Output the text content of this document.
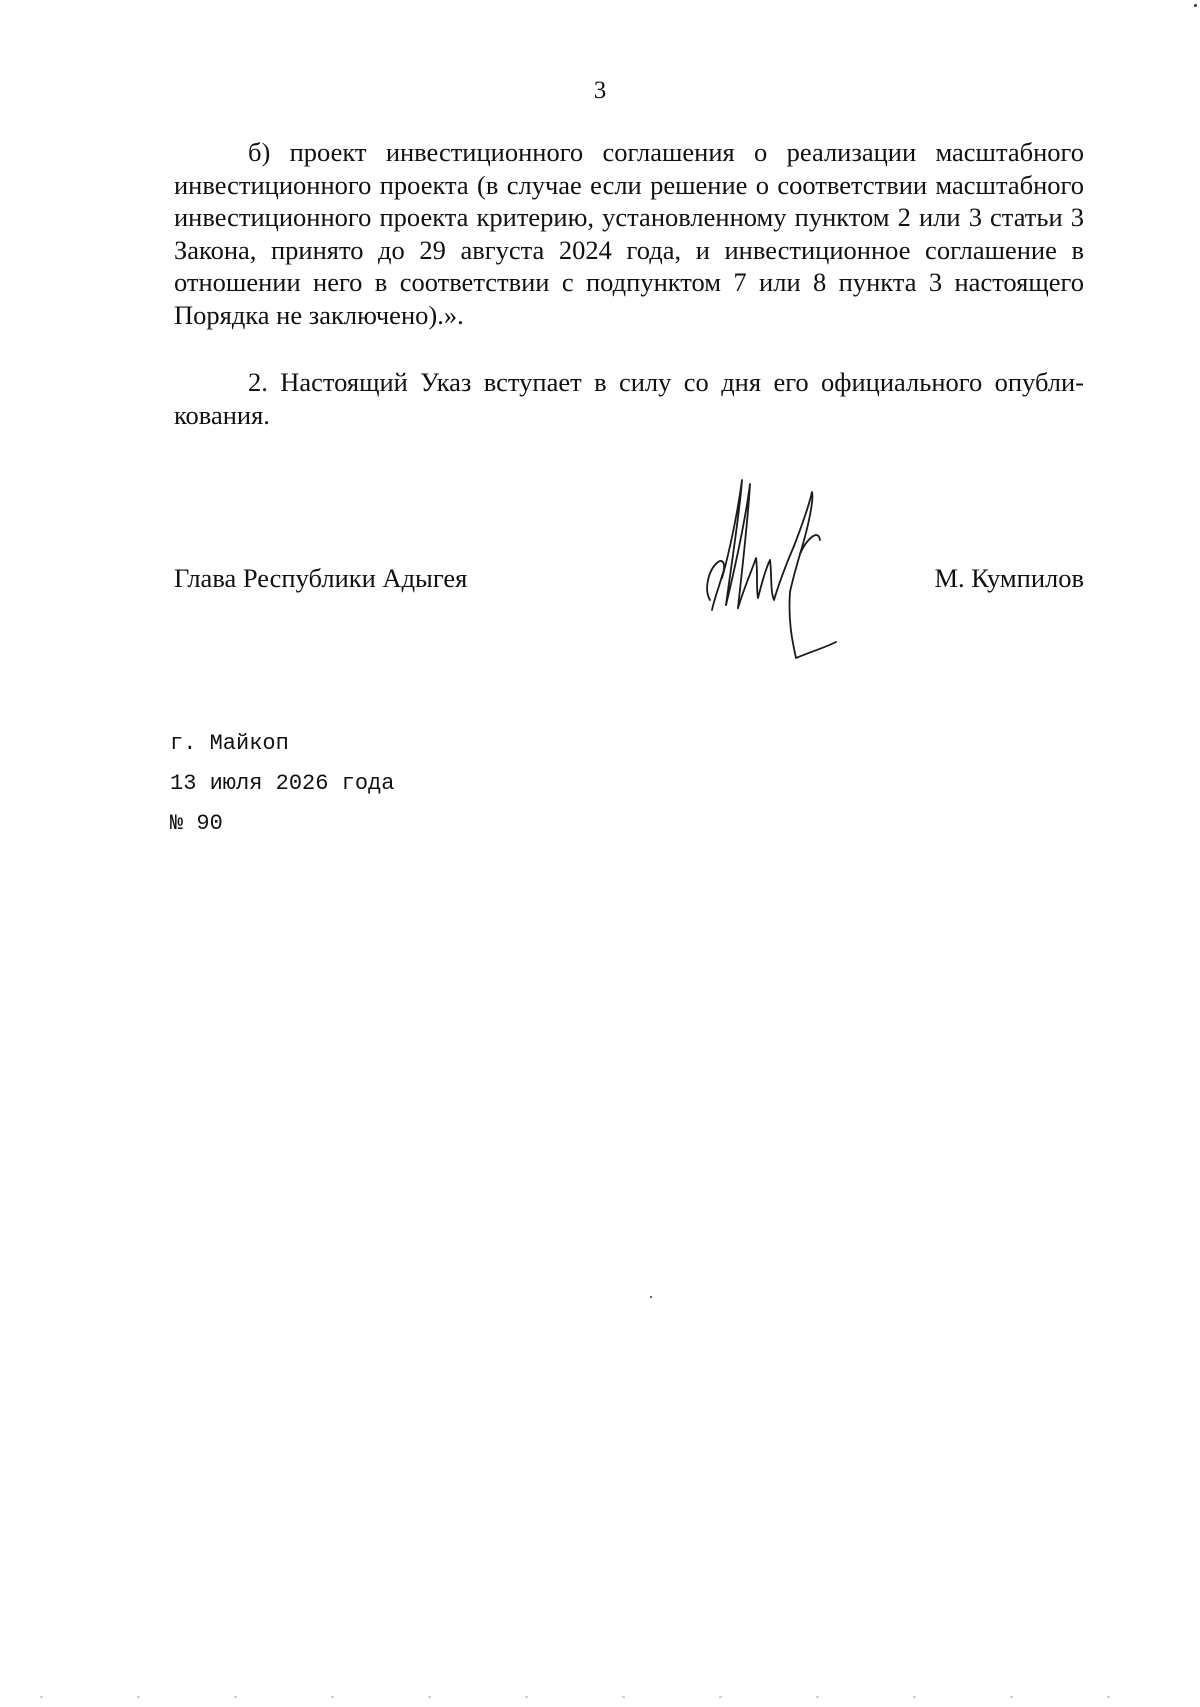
3

б) проект инвестиционного соглашения о реализации масштабного инвестиционного проекта (в случае если решение о соответствии масштабного инвестиционного проекта критерию, установленному пунктом 2 или 3 статьи 3 Закона, принято до 29 августа 2024 года, и инвестиционное соглашение в отношении него в соответствии с подпунктом 7 или 8 пункта 3 настоящего Порядка не заключено).».

2. Настоящий Указ вступает в силу со дня его официального опубликования.

Глава Республики Адыгея	М. Кумпилов
г. Майкоп
13 июля 2026 года
№ 90
